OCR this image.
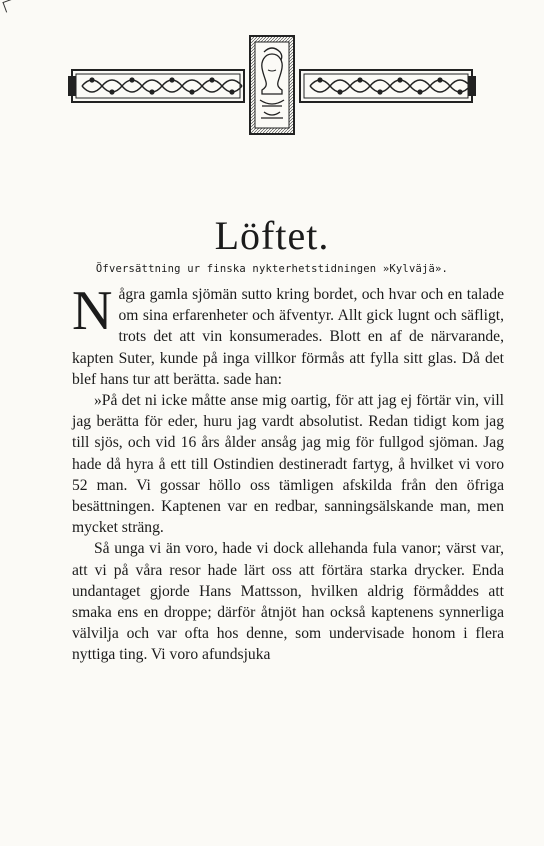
Löftet.
Öfversättning ur finska nykterhetstidningen »Kylväjä».

Några gamla sjömän sutto kring bordet, och hvar och en talade om sina erfarenheter och äfventyr. Allt gick lugnt och säfligt, trots det att vin konsumerades. Blott en af de närvarande, kapten Suter, kunde på inga villkor förmås att fylla sitt glas. Då det blef hans tur att berätta. sade han:

»På det ni icke måtte anse mig oartig, för att jag ej förtär vin, vill jag berätta för eder, huru jag vardt absolutist. Redan tidigt kom jag till sjös, och vid 16 års ålder ansåg jag mig för fullgod sjöman. Jag hade då hyra å ett till Ostindien destineradt fartyg, å hvilket vi voro 52 man. Vi gossar höllo oss tämligen afskilda från den öfriga besättningen. Kaptenen var en redbar, sanningsälskande man, men mycket sträng.

Så unga vi än voro, hade vi dock allehanda fula vanor; värst var, att vi på våra resor hade lärt oss att förtära starka drycker. Enda undantaget gjorde Hans Mattsson, hvilken aldrig förmåddes att smaka ens en droppe; därför åtnjöt han också kaptenens synnerliga välvilja och var ofta hos denne, som undervisade honom i flera nyttiga ting. Vi voro afundsjuka
